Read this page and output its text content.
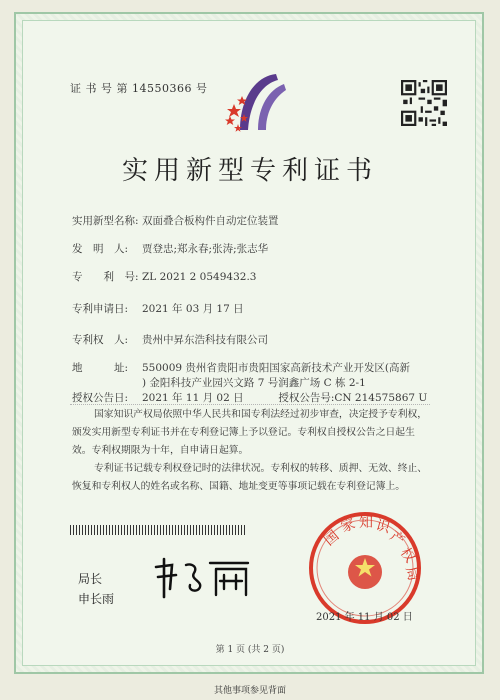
证 书 号 第 14550366 号
实用新型专利证书
实用新型名称: 双面叠合板构件自动定位装置
发　明　人: 贾登忠;郑永春;张涛;张志华
专　　利　号: ZL 2021 2 0549432.3
专利申请日: 2021 年 03 月 17 日
专利权　人: 贵州中昇东浩科技有限公司
地　　　址: 550009 贵州省贵阳市贵阳国家高新技术产业开发区(高新
) 金阳科技产业园兴文路 7 号润鑫广场 C 栋 2-1
授权公告日: 2021 年 11 月 02 日	授权公告号:CN 214575867 U
国家知识产权局依照中华人民共和国专利法经过初步审查，决定授予专利权，颁发实用新型专利证书并在专利登记簿上予以登记。专利权自授权公告之日起生效。专利权期限为十年，自申请日起算。
专利证书记载专利权登记时的法律状况。专利权的转移、质押、无效、终止、恢复和专利权人的姓名或名称、国籍、地址变更等事项记载在专利登记簿上。
局长
申长雨
国
家 知 识
产
权
局
2021 年 11 月 02 日
第 1 页 (共 2 页)
其他事项参见背面
